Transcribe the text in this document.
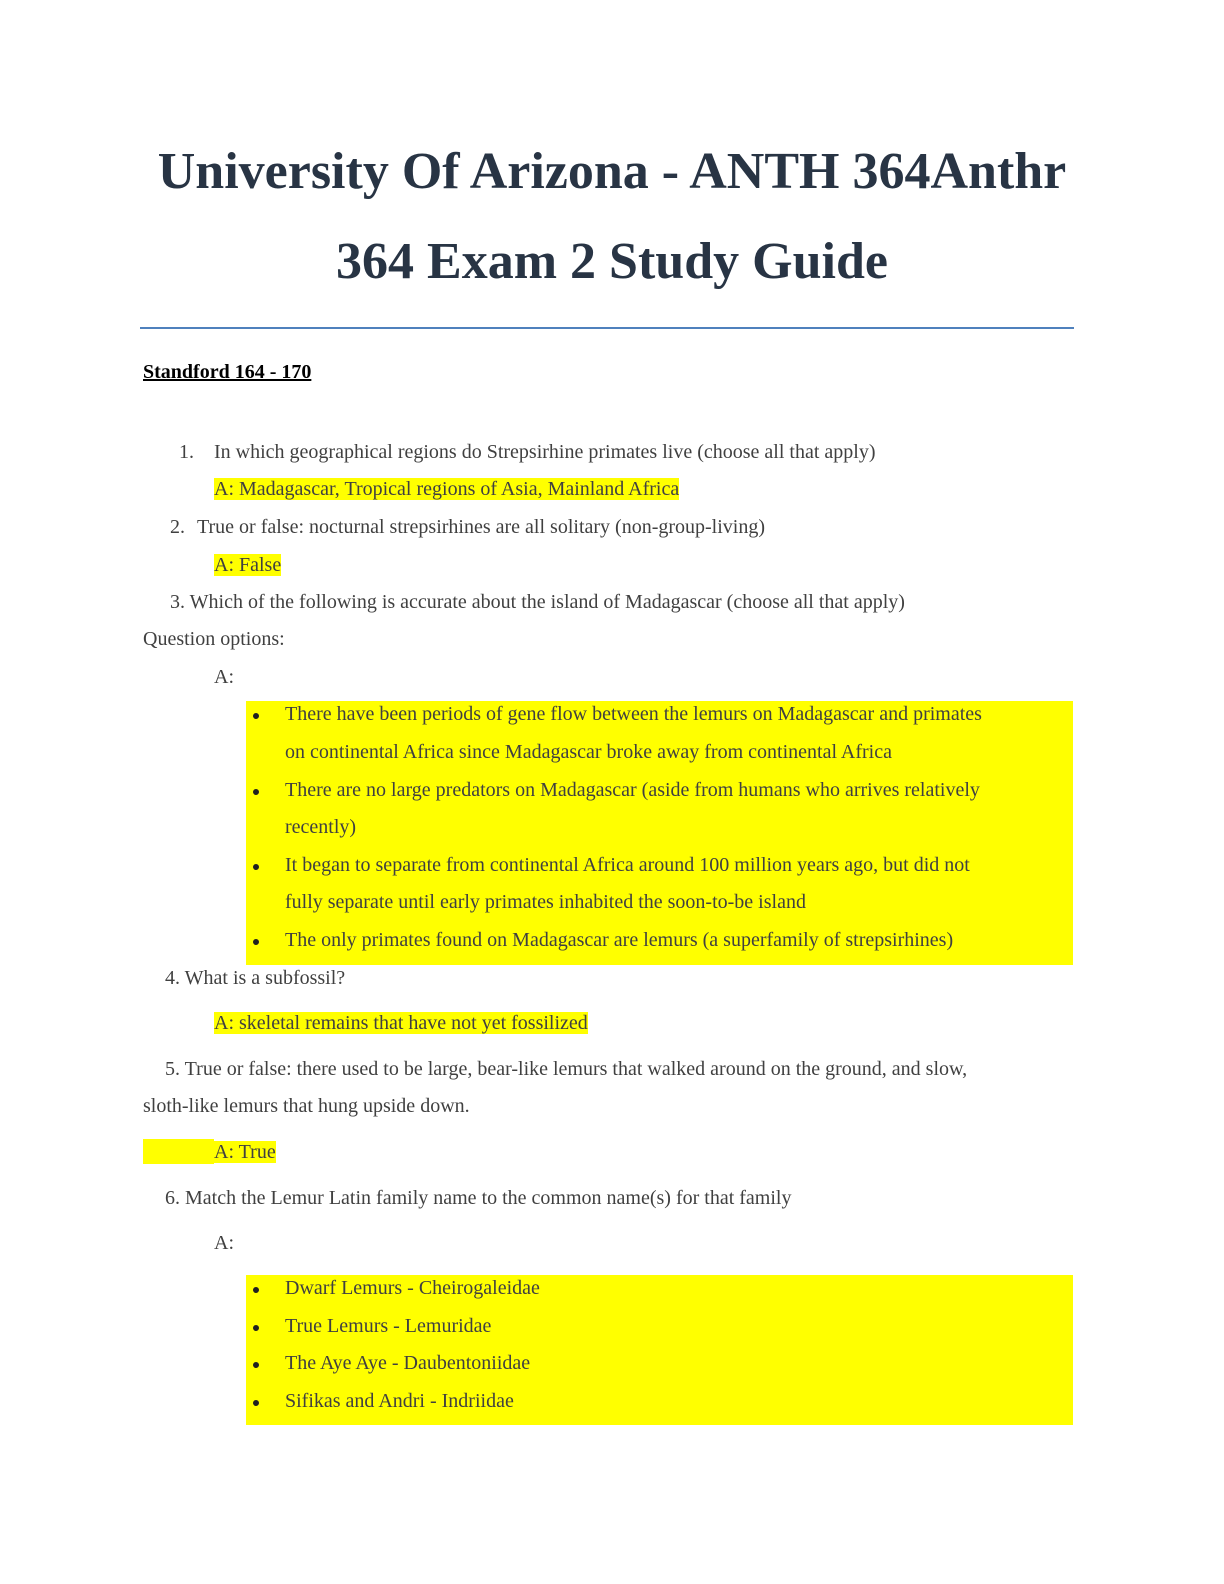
University Of Arizona - ANTH 364Anthr
364 Exam 2 Study Guide
Standford 164 - 170
1. In which geographical regions do Strepsirhine primates live (choose all that apply)
A: Madagascar, Tropical regions of Asia, Mainland Africa
2. True or false: nocturnal strepsirhines are all solitary (non-group-living)
A: False
3. Which of the following is accurate about the island of Madagascar (choose all that apply)
Question options:
A:
There have been periods of gene flow between the lemurs on Madagascar and primates
on continental Africa since Madagascar broke away from continental Africa
There are no large predators on Madagascar (aside from humans who arrives relatively
recently)
It began to separate from continental Africa around 100 million years ago, but did not
fully separate until early primates inhabited the soon-to-be island
The only primates found on Madagascar are lemurs (a superfamily of strepsirhines)
4. What is a subfossil?
A: skeletal remains that have not yet fossilized
5. True or false: there used to be large, bear-like lemurs that walked around on the ground, and slow,
sloth-like lemurs that hung upside down.
A: True
6. Match the Lemur Latin family name to the common name(s) for that family
A:
Dwarf Lemurs - Cheirogaleidae
True Lemurs - Lemuridae
The Aye Aye - Daubentoniidae
Sifikas and Andri - Indriidae
